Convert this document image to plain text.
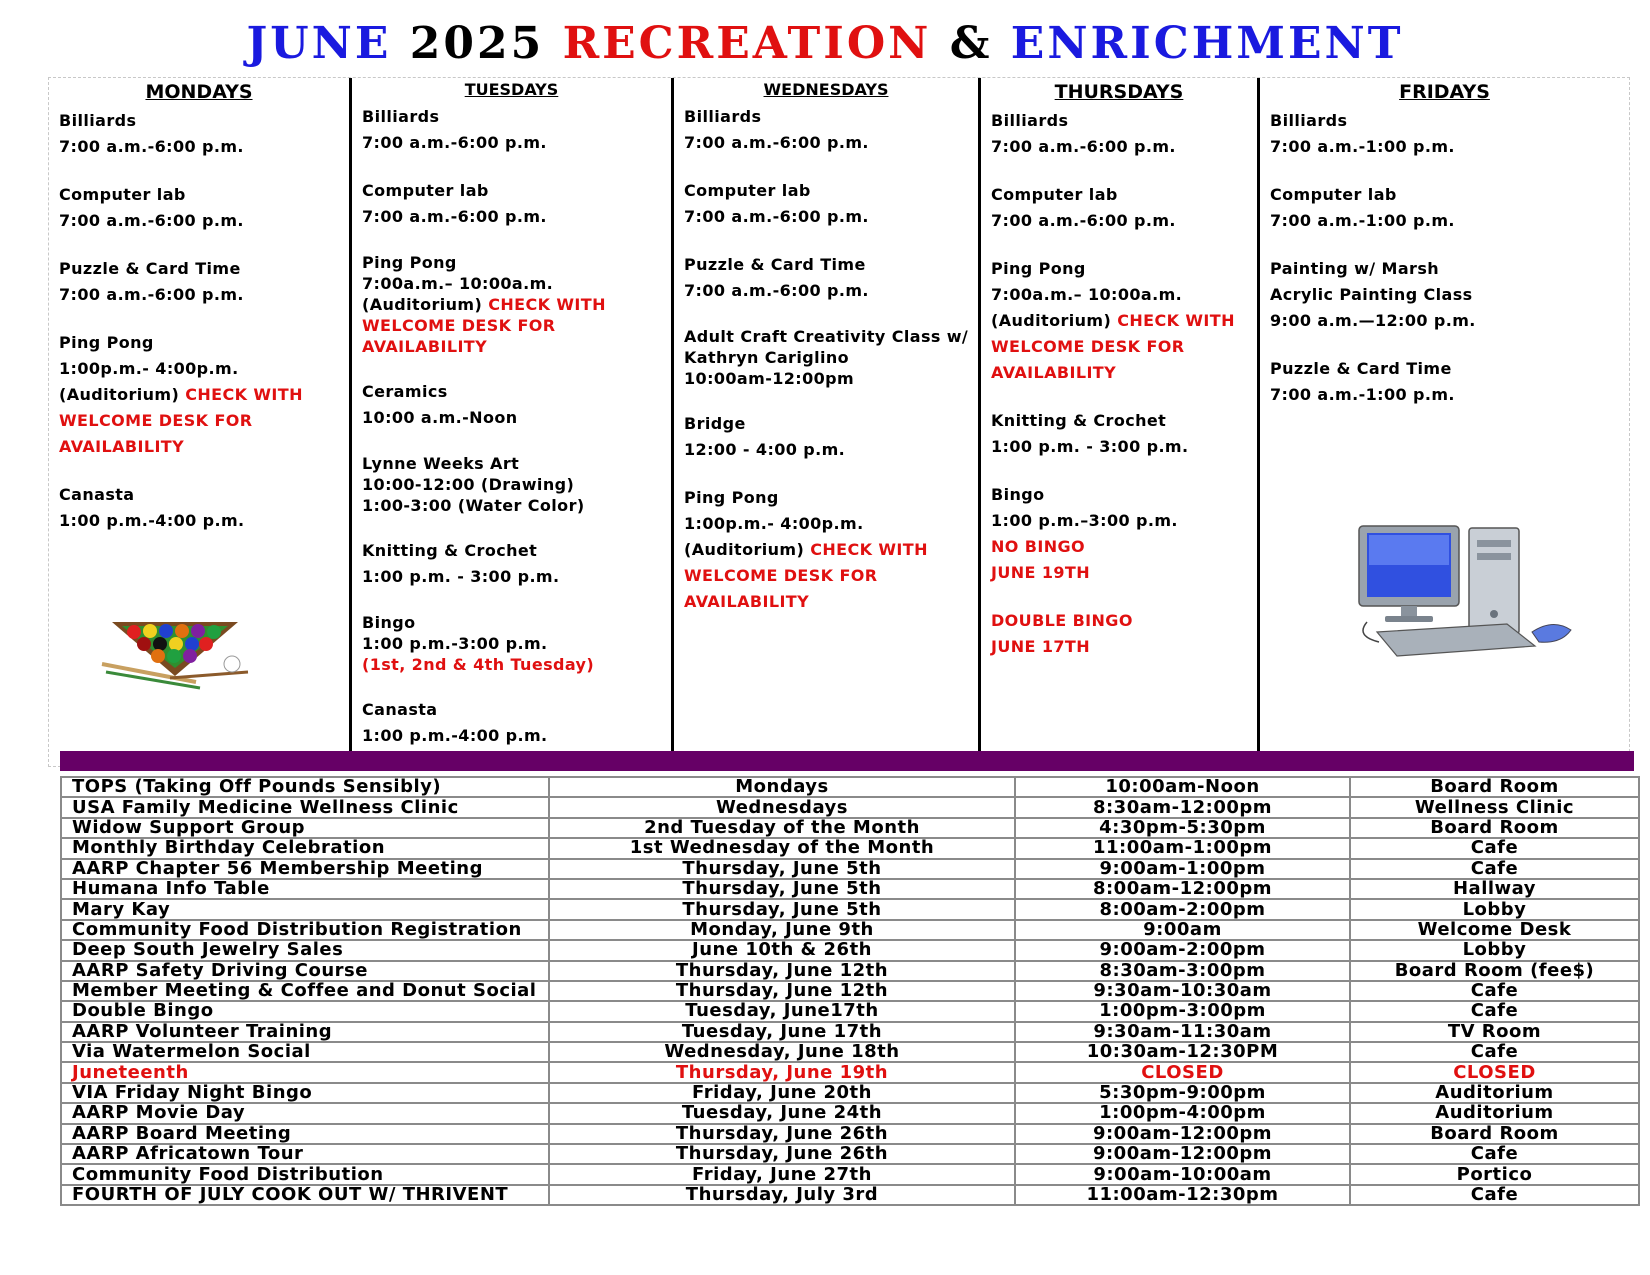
JUNE 2025 RECREATION & ENRICHMENT
MONDAYS
Billiards
7:00 a.m.-6:00 p.m.
Computer lab
7:00 a.m.-6:00 p.m.
Puzzle & Card Time
7:00 a.m.-6:00 p.m.
Ping Pong
1:00p.m.- 4:00p.m.
(Auditorium) CHECK WITH
WELCOME DESK FOR
AVAILABILITY
Canasta
1:00 p.m.-4:00 p.m.
TUESDAYS
Billiards
7:00 a.m.-6:00 p.m.
Computer lab
7:00 a.m.-6:00 p.m.
Ping Pong
7:00a.m.– 10:00a.m.
(Auditorium) CHECK WITH
WELCOME DESK FOR
AVAILABILITY
Ceramics
10:00 a.m.-Noon
Lynne Weeks Art
10:00-12:00 (Drawing)
1:00-3:00 (Water Color)
Knitting & Crochet
1:00 p.m. - 3:00 p.m.
Bingo
1:00 p.m.-3:00 p.m.
(1st, 2nd & 4th Tuesday)
Canasta
1:00 p.m.-4:00 p.m.
WEDNESDAYS
Billiards
7:00 a.m.-6:00 p.m.
Computer lab
7:00 a.m.-6:00 p.m.
Puzzle & Card Time
7:00 a.m.-6:00 p.m.
Adult Craft Creativity Class w/
Kathryn Cariglino
10:00am-12:00pm
Bridge
12:00 - 4:00 p.m.
Ping Pong
1:00p.m.- 4:00p.m.
(Auditorium) CHECK WITH
WELCOME DESK FOR
AVAILABILITY
THURSDAYS
Billiards
7:00 a.m.-6:00 p.m.
Computer lab
7:00 a.m.-6:00 p.m.
Ping Pong
7:00a.m.– 10:00a.m.
(Auditorium) CHECK WITH
WELCOME DESK FOR
AVAILABILITY
Knitting & Crochet
1:00 p.m. - 3:00 p.m.
Bingo
1:00 p.m.–3:00 p.m.
NO BINGO
JUNE 19TH
DOUBLE BINGO
JUNE 17TH
FRIDAYS
Billiards
7:00 a.m.-1:00 p.m.
Computer lab
7:00 a.m.-1:00 p.m.
Painting w/ Marsh
Acrylic Painting Class
9:00 a.m.—12:00 p.m.
Puzzle & Card Time
7:00 a.m.-1:00 p.m.
TOPS (Taking Off Pounds Sensibly)	Mondays	10:00am-Noon	Board Room
USA Family Medicine Wellness Clinic	Wednesdays	8:30am-12:00pm	Wellness Clinic
Widow Support Group	2nd Tuesday of the Month	4:30pm-5:30pm	Board Room
Monthly Birthday Celebration	1st Wednesday of the Month	11:00am-1:00pm	Cafe
AARP Chapter 56 Membership Meeting	Thursday, June 5th	9:00am-1:00pm	Cafe
Humana Info Table	Thursday, June 5th	8:00am-12:00pm	Hallway
Mary Kay	Thursday, June 5th	8:00am-2:00pm	Lobby
Community Food Distribution Registration	Monday, June 9th	9:00am	Welcome Desk
Deep South Jewelry Sales	June 10th & 26th	9:00am-2:00pm	Lobby
AARP Safety Driving Course	Thursday, June 12th	8:30am-3:00pm	Board Room (fee$)
Member Meeting & Coffee and Donut Social	Thursday, June 12th	9:30am-10:30am	Cafe
Double Bingo	Tuesday, June17th	1:00pm-3:00pm	Cafe
AARP Volunteer Training	Tuesday, June 17th	9:30am-11:30am	TV Room
Via Watermelon Social	Wednesday, June 18th	10:30am-12:30PM	Cafe
Juneteenth	Thursday, June 19th	CLOSED	CLOSED
VIA Friday Night Bingo	Friday, June 20th	5:30pm-9:00pm	Auditorium
AARP Movie Day	Tuesday, June 24th	1:00pm-4:00pm	Auditorium
AARP Board Meeting	Thursday, June 26th	9:00am-12:00pm	Board Room
AARP Africatown Tour	Thursday, June 26th	9:00am-12:00pm	Cafe
Community Food Distribution	Friday, June 27th	9:00am-10:00am	Portico
FOURTH OF JULY COOK OUT W/ THRIVENT	Thursday, July 3rd	11:00am-12:30pm	Cafe
